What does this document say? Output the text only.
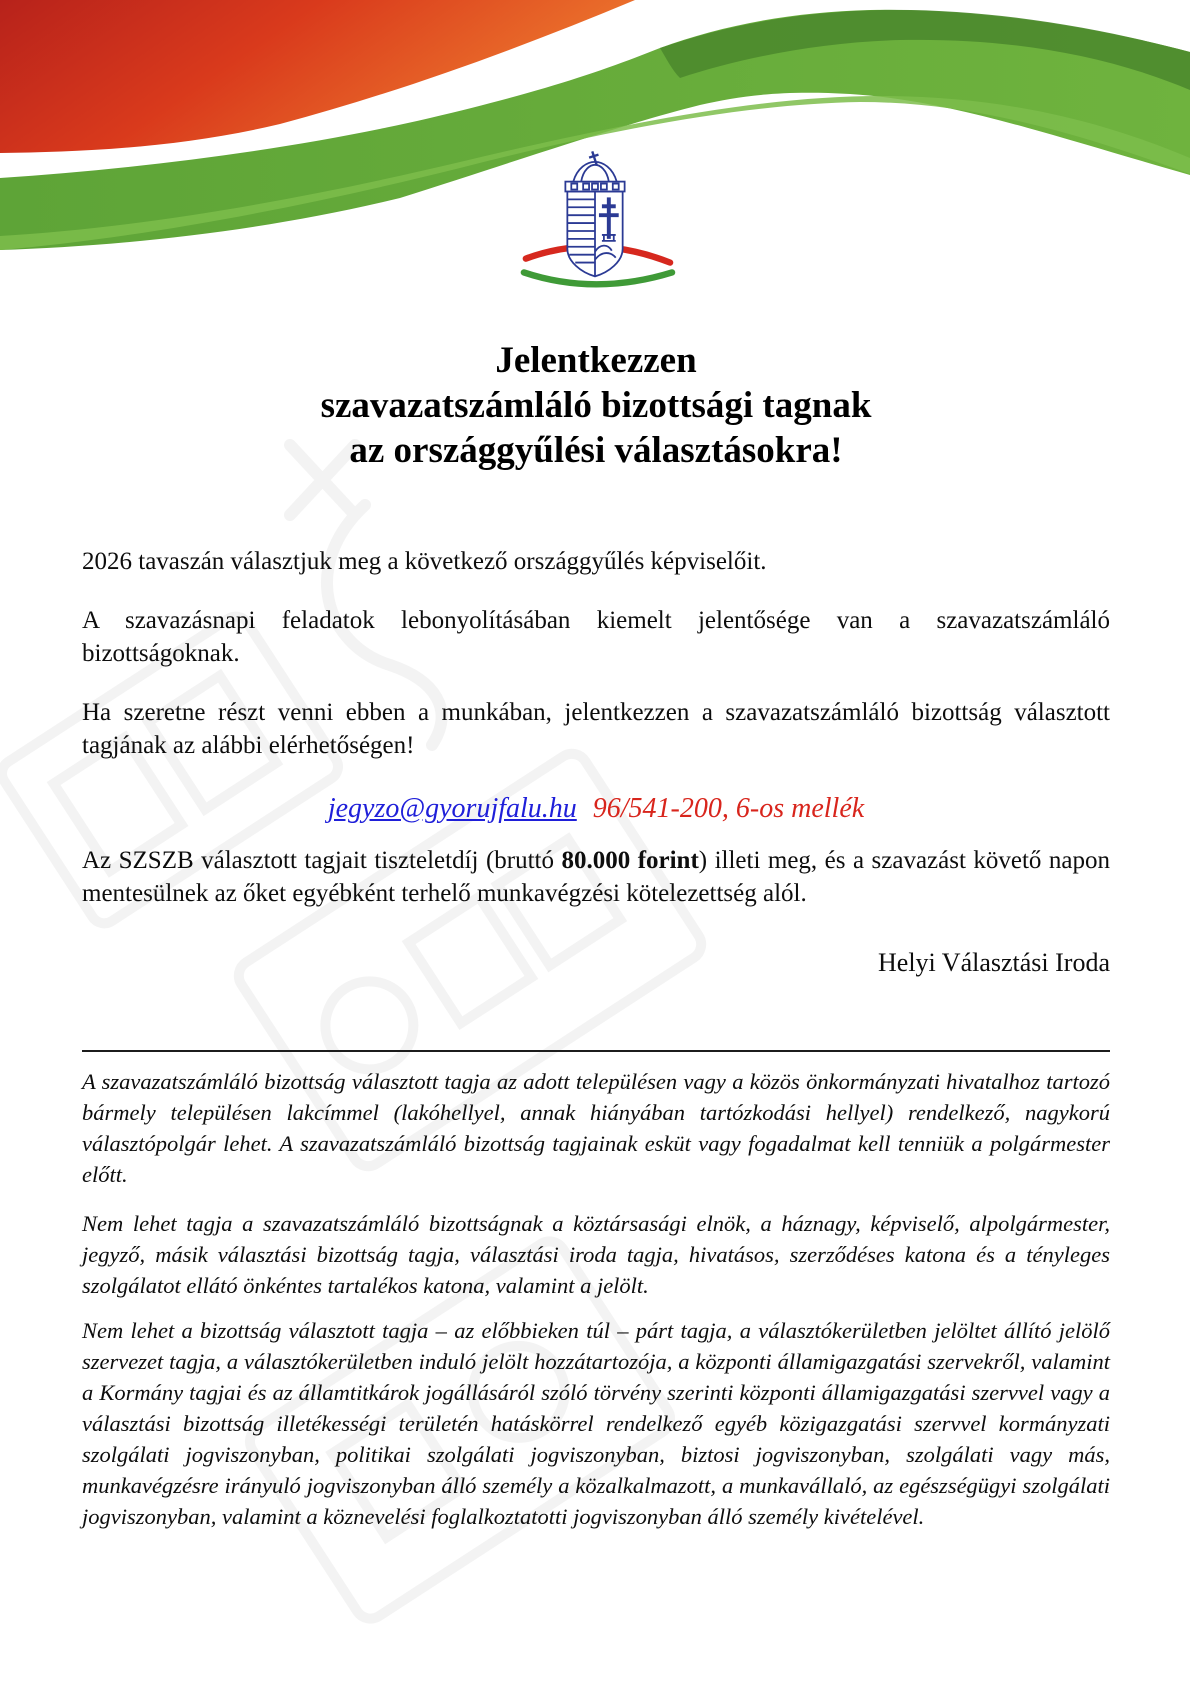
Jelentkezzen
szavazatszámláló bizottsági tagnak
az országgyűlési választásokra!

2026 tavaszán választjuk meg a következő országgyűlés képviselőit.

A szavazásnapi feladatok lebonyolításában kiemelt jelentősége van a szavazatszámláló bizottságoknak.

Ha szeretne részt venni ebben a munkában, jelentkezzen a szavazatszámláló bizottság választott tagjának az alábbi elérhetőségen!

jegyzo@gyorujfalu.hu 96/541-200, 6-os mellék

Az SZSZB választott tagjait tiszteletdíj (bruttó 80.000 forint) illeti meg, és a szavazást követő napon mentesülnek az őket egyébként terhelő munkavégzési kötelezettség alól.

Helyi Választási Iroda

A szavazatszámláló bizottság választott tagja az adott településen vagy a közös önkormányzati hivatalhoz tartozó bármely településen lakcímmel (lakóhellyel, annak hiányában tartózkodási hellyel) rendelkező, nagykorú választópolgár lehet. A szavazatszámláló bizottság tagjainak esküt vagy fogadalmat kell tenniük a polgármester előtt.

Nem lehet tagja a szavazatszámláló bizottságnak a köztársasági elnök, a háznagy, képviselő, alpolgármester, jegyző, másik választási bizottság tagja, választási iroda tagja, hivatásos, szerződéses katona és a tényleges szolgálatot ellátó önkéntes tartalékos katona, valamint a jelölt.

Nem lehet a bizottság választott tagja – az előbbieken túl – párt tagja, a választókerületben jelöltet állító jelölő szervezet tagja, a választókerületben induló jelölt hozzátartozója, a központi államigazgatási szervekről, valamint a Kormány tagjai és az államtitkárok jogállásáról szóló törvény szerinti központi államigazgatási szervvel vagy a választási bizottság illetékességi területén hatáskörrel rendelkező egyéb közigazgatási szervvel kormányzati szolgálati jogviszonyban, politikai szolgálati jogviszonyban, biztosi jogviszonyban, szolgálati vagy más, munkavégzésre irányuló jogviszonyban álló személy a közalkalmazott, a munkavállaló, az egészségügyi szolgálati jogviszonyban, valamint a köznevelési foglalkoztatotti jogviszonyban álló személy kivételével.
